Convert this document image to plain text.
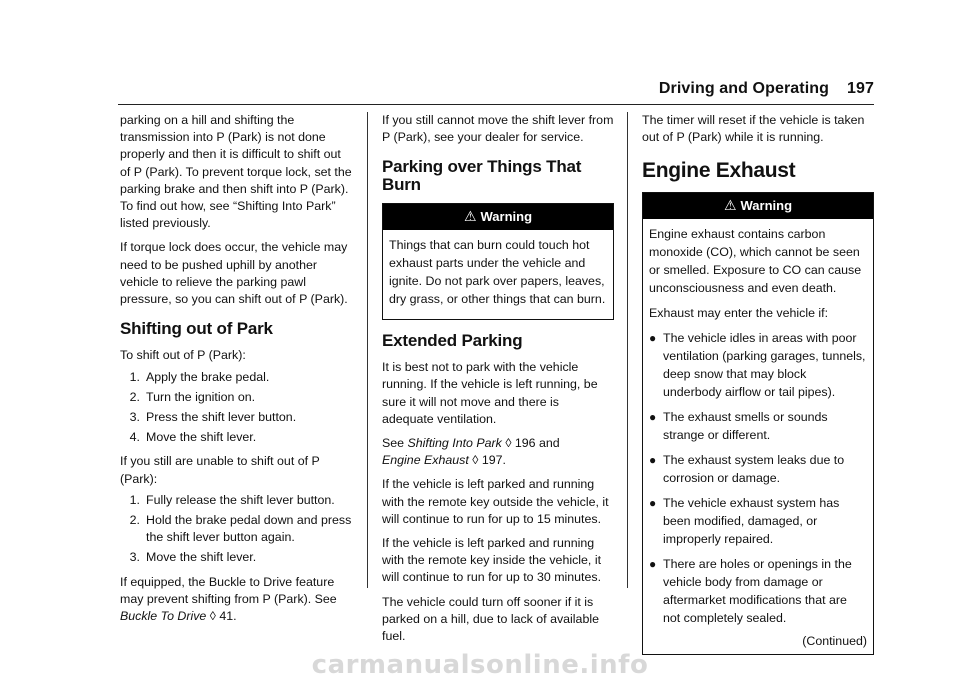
Driving and Operating 197

parking on a hill and shifting the transmission into P (Park) is not done properly and then it is difficult to shift out of P (Park). To prevent torque lock, set the parking brake and then shift into P (Park). To find out how, see “Shifting Into Park” listed previously.

If torque lock does occur, the vehicle may need to be pushed uphill by another vehicle to relieve the parking pawl pressure, so you can shift out of P (Park).

Shifting out of Park

To shift out of P (Park):

1. Apply the brake pedal.
2. Turn the ignition on.
3. Press the shift lever button.
4. Move the shift lever.

If you still are unable to shift out of P (Park):

1. Fully release the shift lever button.
2. Hold the brake pedal down and press the shift lever button again.
3. Move the shift lever.

If equipped, the Buckle to Drive feature may prevent shifting from P (Park). See Buckle To Drive ◊ 41.

If you still cannot move the shift lever from P (Park), see your dealer for service.

Parking over Things That Burn
⚠ Warning

Things that can burn could touch hot exhaust parts under the vehicle and ignite. Do not park over papers, leaves, dry grass, or other things that can burn.

Extended Parking

It is best not to park with the vehicle running. If the vehicle is left running, be sure it will not move and there is adequate ventilation.

See Shifting Into Park ◊ 196 and
Engine Exhaust ◊ 197.

If the vehicle is left parked and running with the remote key outside the vehicle, it will continue to run for up to 15 minutes.

If the vehicle is left parked and running with the remote key inside the vehicle, it will continue to run for up to 30 minutes.

The vehicle could turn off sooner if it is parked on a hill, due to lack of available fuel.

The timer will reset if the vehicle is taken out of P (Park) while it is running.

Engine Exhaust
⚠ Warning

Engine exhaust contains carbon monoxide (CO), which cannot be seen or smelled. Exposure to CO can cause unconsciousness and even death.

Exhaust may enter the vehicle if:

● The vehicle idles in areas with poor ventilation (parking garages, tunnels, deep snow that may block underbody airflow or tail pipes).
● The exhaust smells or sounds strange or different.
● The exhaust system leaks due to corrosion or damage.
● The vehicle exhaust system has been modified, damaged, or improperly repaired.
● There are holes or openings in the vehicle body from damage or aftermarket modifications that are not completely sealed.
(Continued)
carmanualsonline.info
